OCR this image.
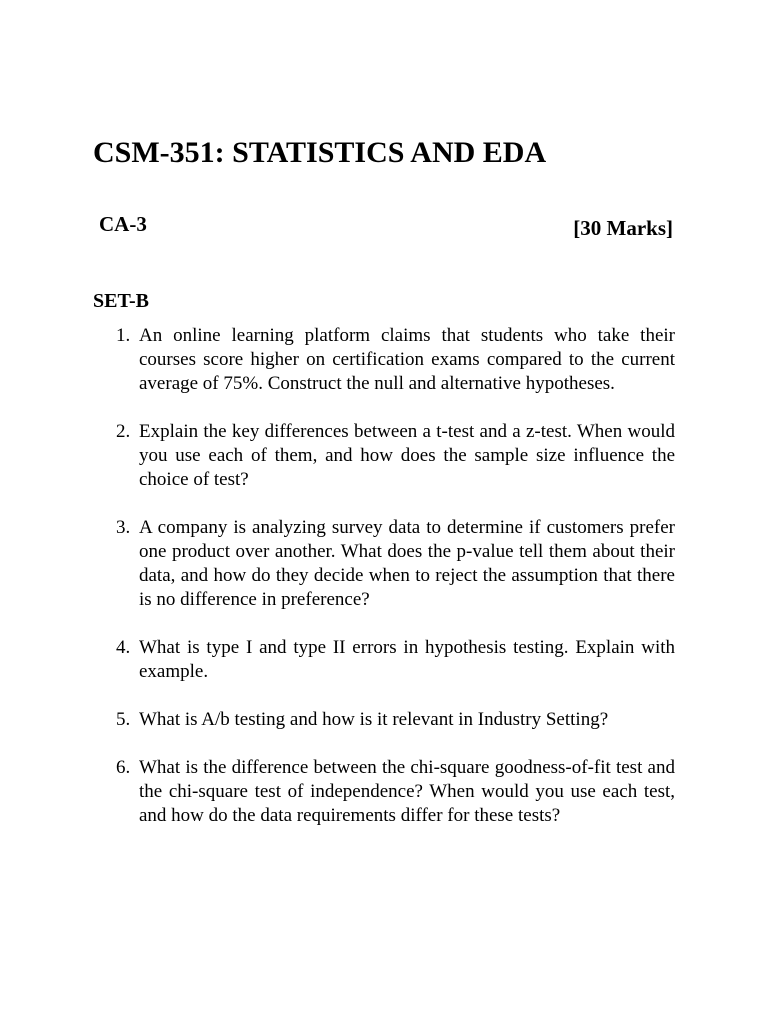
CSM-351: STATISTICS AND EDA
CA-3	[30 Marks]
SET-B
1. An online learning platform claims that students who take their courses score higher on certification exams compared to the current average of 75%. Construct the null and alternative hypotheses.
2. Explain the key differences between a t-test and a z-test. When would you use each of them, and how does the sample size influence the choice of test?
3. A company is analyzing survey data to determine if customers prefer one product over another. What does the p-value tell them about their data, and how do they decide when to reject the assumption that there is no difference in preference?
4. What is type I and type II errors in hypothesis testing. Explain with example.
5. What is A/b testing and how is it relevant in Industry Setting?
6. What is the difference between the chi-square goodness-of-fit test and the chi-square test of independence? When would you use each test, and how do the data requirements differ for these tests?
